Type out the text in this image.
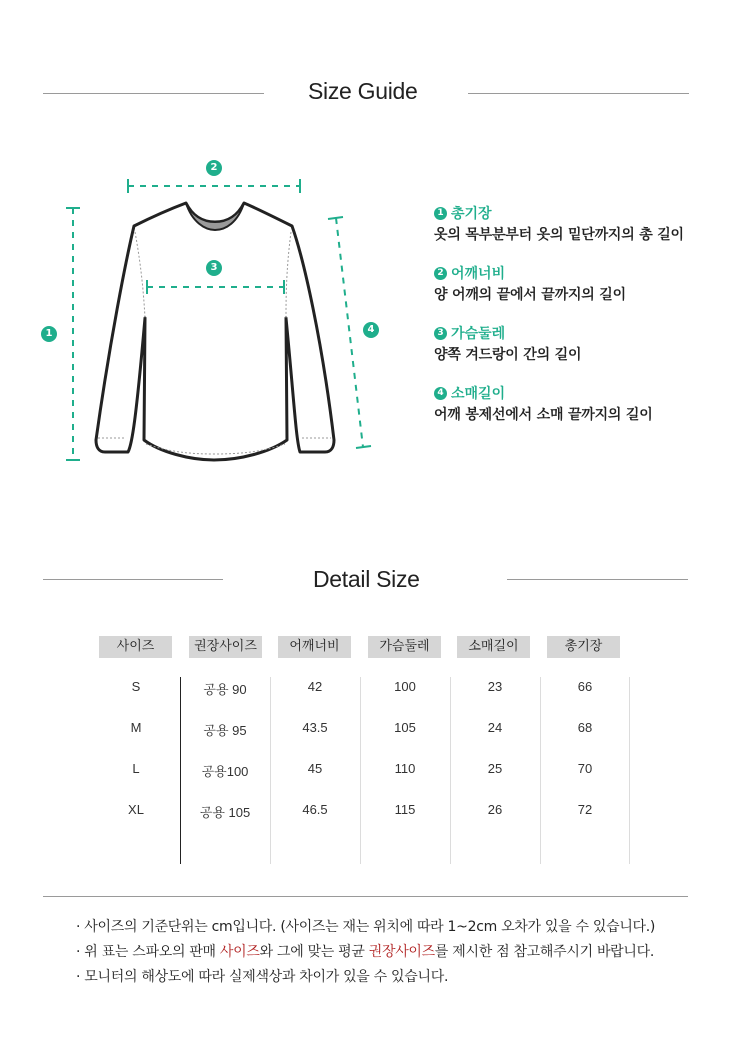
Size Guide
1
2
3
4
1 총기장
옷의 목부분부터 옷의 밑단까지의 총 길이
2 어깨너비
양 어깨의 끝에서 끝까지의 길이
3 가슴둘레
양쪽 겨드랑이 간의 길이
4 소매길이
어깨 봉제선에서 소매 끝까지의 길이
Detail Size
사이즈	권장사이즈	어깨너비	가슴둘레	소매길이	총기장
S	공용 90	42	100	23	66
M	공용 95	43.5	105	24	68
L	공용100	45	110	25	70
XL	공용 105	46.5	115	26	72
· 사이즈의 기준단위는 cm입니다. (사이즈는 재는 위치에 따라 1~2cm 오차가 있을 수 있습니다.)
· 위 표는 스파오의 판매 사이즈와 그에 맞는 평균 권장사이즈를 제시한 점 참고해주시기 바랍니다.
· 모니터의 해상도에 따라 실제색상과 차이가 있을 수 있습니다.
